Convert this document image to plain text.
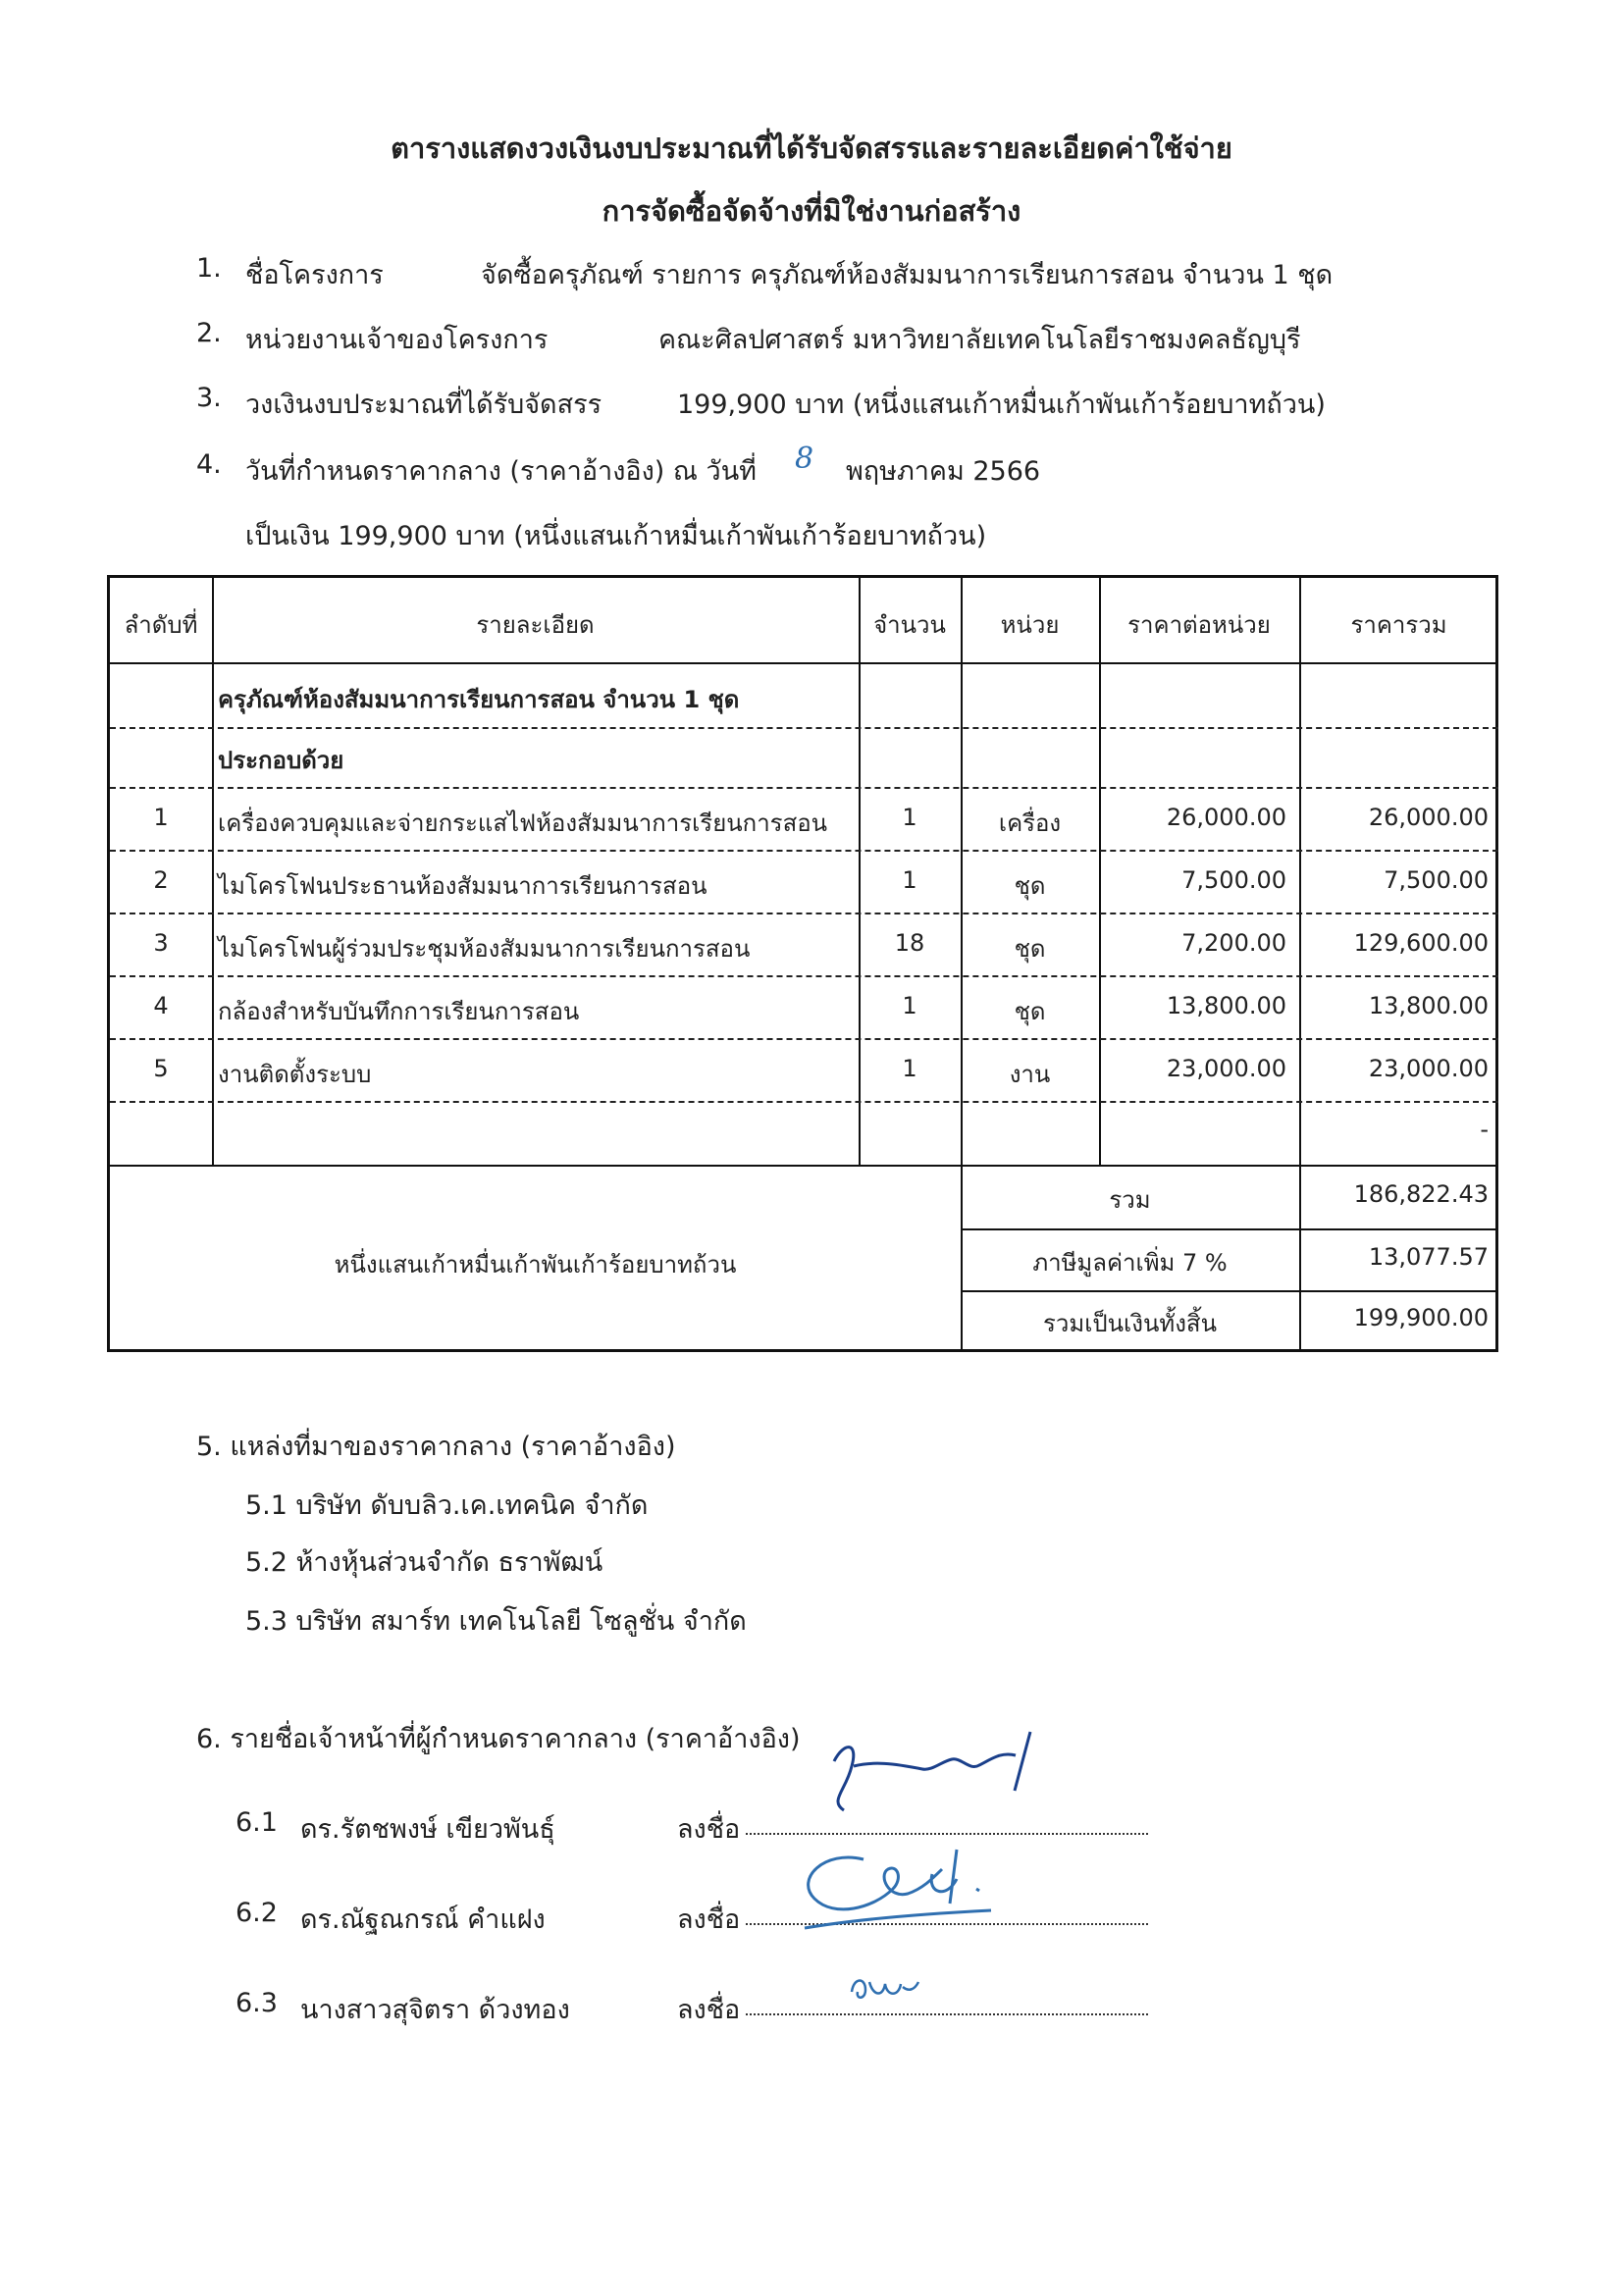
ตารางแสดงวงเงินงบประมาณที่ได้รับจัดสรรและรายละเอียดค่าใช้จ่าย
การจัดซื้อจัดจ้างที่มิใช่งานก่อสร้าง
1. ชื่อโครงการ	จัดซื้อครุภัณฑ์ รายการ ครุภัณฑ์ห้องสัมมนาการเรียนการสอน จำนวน 1 ชุด
2. หน่วยงานเจ้าของโครงการ	คณะศิลปศาสตร์ มหาวิทยาลัยเทคโนโลยีราชมงคลธัญบุรี
3. วงเงินงบประมาณที่ได้รับจัดสรร	199,900 บาท (หนึ่งแสนเก้าหมื่นเก้าพันเก้าร้อยบาทถ้วน)
4. วันที่กำหนดราคากลาง (ราคาอ้างอิง) ณ วันที่ 8 พฤษภาคม 2566
เป็นเงิน 199,900 บาท (หนึ่งแสนเก้าหมื่นเก้าพันเก้าร้อยบาทถ้วน)
ลำดับที่	รายละเอียด	จำนวน	หน่วย	ราคาต่อหน่วย	ราคารวม
ครุภัณฑ์ห้องสัมมนาการเรียนการสอน จำนวน 1 ชุด
ประกอบด้วย
1	เครื่องควบคุมและจ่ายกระแสไฟห้องสัมมนาการเรียนการสอน	1	เครื่อง	26,000.00	26,000.00
2	ไมโครโฟนประธานห้องสัมมนาการเรียนการสอน	1	ชุด	7,500.00	7,500.00
3	ไมโครโฟนผู้ร่วมประชุมห้องสัมมนาการเรียนการสอน	18	ชุด	7,200.00	129,600.00
4	กล้องสำหรับบันทึกการเรียนการสอน	1	ชุด	13,800.00	13,800.00
5	งานติดตั้งระบบ	1	งาน	23,000.00	23,000.00
-
หนึ่งแสนเก้าหมื่นเก้าพันเก้าร้อยบาทถ้วน
รวม	186,822.43
ภาษีมูลค่าเพิ่ม 7 %	13,077.57
รวมเป็นเงินทั้งสิ้น	199,900.00
5. แหล่งที่มาของราคากลาง (ราคาอ้างอิง)
5.1 บริษัท ดับบลิว.เค.เทคนิค จำกัด
5.2 ห้างหุ้นส่วนจำกัด ธราพัฒน์
5.3 บริษัท สมาร์ท เทคโนโลยี โซลูชั่น จำกัด
6. รายชื่อเจ้าหน้าที่ผู้กำหนดราคากลาง (ราคาอ้างอิง)
6.1 ดร.รัตชพงษ์ เขียวพันธุ์	ลงชื่อ
6.2 ดร.ณัฐณกรณ์ คำแฝง	ลงชื่อ
6.3 นางสาวสุจิตรา ด้วงทอง	ลงชื่อ
